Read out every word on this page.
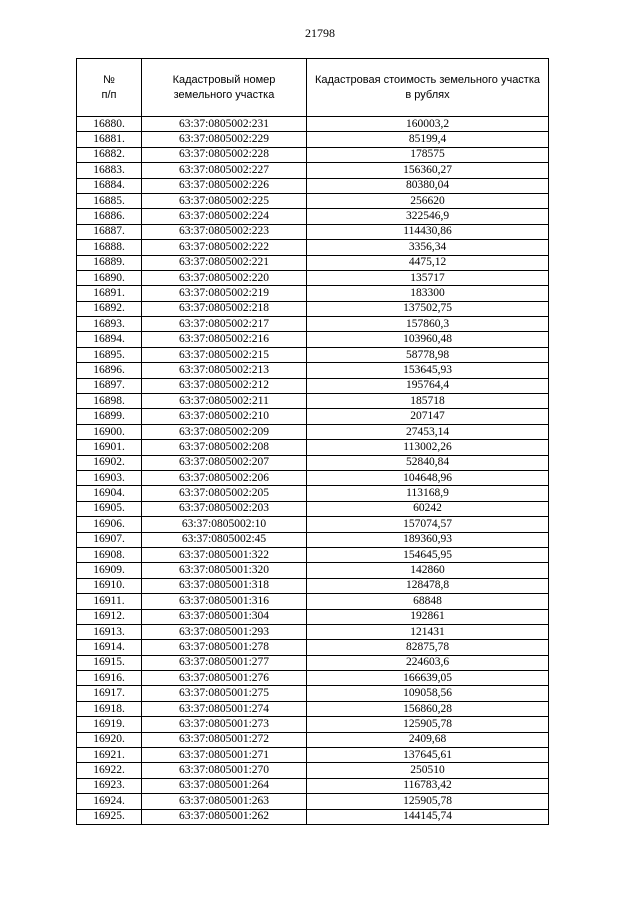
21798
№
п/п	Кадастровый номер земельного участка	Кадастровая стоимость земельного участка в рублях
16880.	63:37:0805002:231	160003,2
16881.	63:37:0805002:229	85199,4
16882.	63:37:0805002:228	178575
16883.	63:37:0805002:227	156360,27
16884.	63:37:0805002:226	80380,04
16885.	63:37:0805002:225	256620
16886.	63:37:0805002:224	322546,9
16887.	63:37:0805002:223	114430,86
16888.	63:37:0805002:222	3356,34
16889.	63:37:0805002:221	4475,12
16890.	63:37:0805002:220	135717
16891.	63:37:0805002:219	183300
16892.	63:37:0805002:218	137502,75
16893.	63:37:0805002:217	157860,3
16894.	63:37:0805002:216	103960,48
16895.	63:37:0805002:215	58778,98
16896.	63:37:0805002:213	153645,93
16897.	63:37:0805002:212	195764,4
16898.	63:37:0805002:211	185718
16899.	63:37:0805002:210	207147
16900.	63:37:0805002:209	27453,14
16901.	63:37:0805002:208	113002,26
16902.	63:37:0805002:207	52840,84
16903.	63:37:0805002:206	104648,96
16904.	63:37:0805002:205	113168,9
16905.	63:37:0805002:203	60242
16906.	63:37:0805002:10	157074,57
16907.	63:37:0805002:45	189360,93
16908.	63:37:0805001:322	154645,95
16909.	63:37:0805001:320	142860
16910.	63:37:0805001:318	128478,8
16911.	63:37:0805001:316	68848
16912.	63:37:0805001:304	192861
16913.	63:37:0805001:293	121431
16914.	63:37:0805001:278	82875,78
16915.	63:37:0805001:277	224603,6
16916.	63:37:0805001:276	166639,05
16917.	63:37:0805001:275	109058,56
16918.	63:37:0805001:274	156860,28
16919.	63:37:0805001:273	125905,78
16920.	63:37:0805001:272	2409,68
16921.	63:37:0805001:271	137645,61
16922.	63:37:0805001:270	250510
16923.	63:37:0805001:264	116783,42
16924.	63:37:0805001:263	125905,78
16925.	63:37:0805001:262	144145,74
